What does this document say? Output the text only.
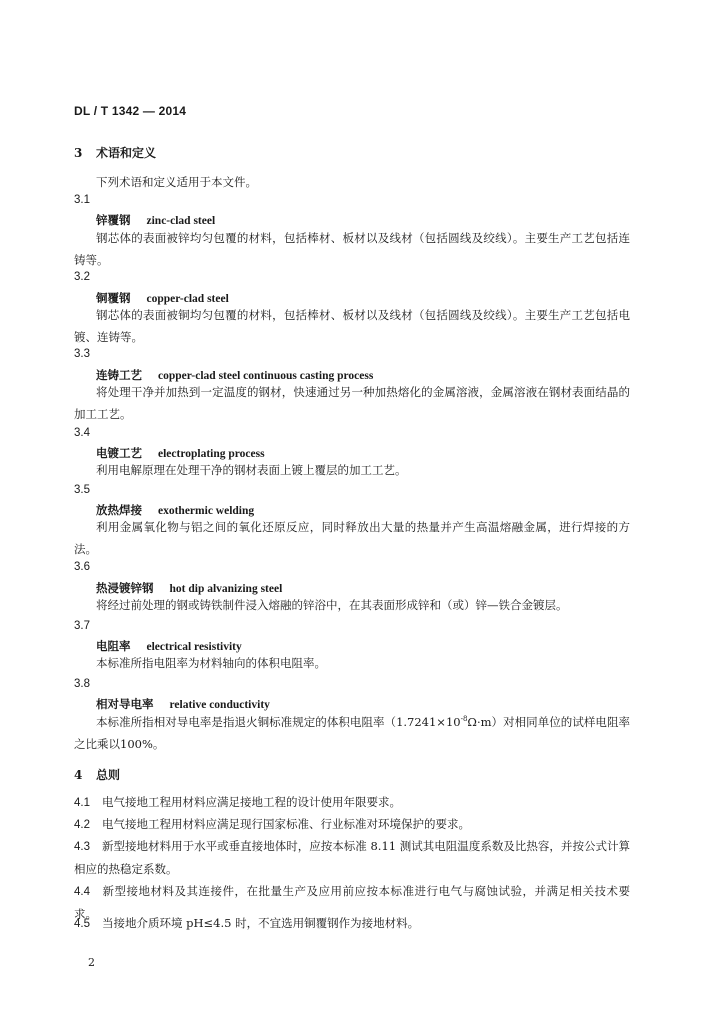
DL / T 1342 — 2014
3 术语和定义
下列术语和定义适用于本文件。
3.1
锌覆钢 zinc-clad steel
钢芯体的表面被锌均匀包覆的材料，包括棒材、板材以及线材（包括圆线及绞线）。主要生产工艺包括连铸等。
3.2
铜覆钢 copper-clad steel
钢芯体的表面被铜均匀包覆的材料，包括棒材、板材以及线材（包括圆线及绞线）。主要生产工艺包括电镀、连铸等。
3.3
连铸工艺 copper-clad steel continuous casting process
将处理干净并加热到一定温度的钢材，快速通过另一种加热熔化的金属溶液，金属溶液在钢材表面结晶的加工工艺。
3.4
电镀工艺 electroplating process
利用电解原理在处理干净的钢材表面上镀上覆层的加工工艺。
3.5
放热焊接 exothermic welding
利用金属氧化物与铝之间的氧化还原反应，同时释放出大量的热量并产生高温熔融金属，进行焊接的方法。
3.6
热浸镀锌钢 hot dip alvanizing steel
将经过前处理的钢或铸铁制件浸入熔融的锌浴中，在其表面形成锌和（或）锌—铁合金镀层。
3.7
电阻率 electrical resistivity
本标准所指电阻率为材料轴向的体积电阻率。
3.8
相对导电率 relative conductivity
本标准所指相对导电率是指退火铜标准规定的体积电阻率$(1.7241\times 10^{-8}\Omega\cdot m)$对相同单位的试样电阻率之比乘以100%。
4 总则
4.1 电气接地工程用材料应满足接地工程的设计使用年限要求。
4.2 电气接地工程用材料应满足现行国家标准、行业标准对环境保护的要求。
4.3 新型接地材料用于水平或垂直接地体时，应按本标准 8.11 测试其电阻温度系数及比热容，并按公式计算相应的热稳定系数。
4.4 新型接地材料及其连接件，在批量生产及应用前应按本标准进行电气与腐蚀试验，并满足相关技术要求。
4.5 当接地介质环境 pH≤4.5 时，不宜选用铜覆钢作为接地材料。
2
